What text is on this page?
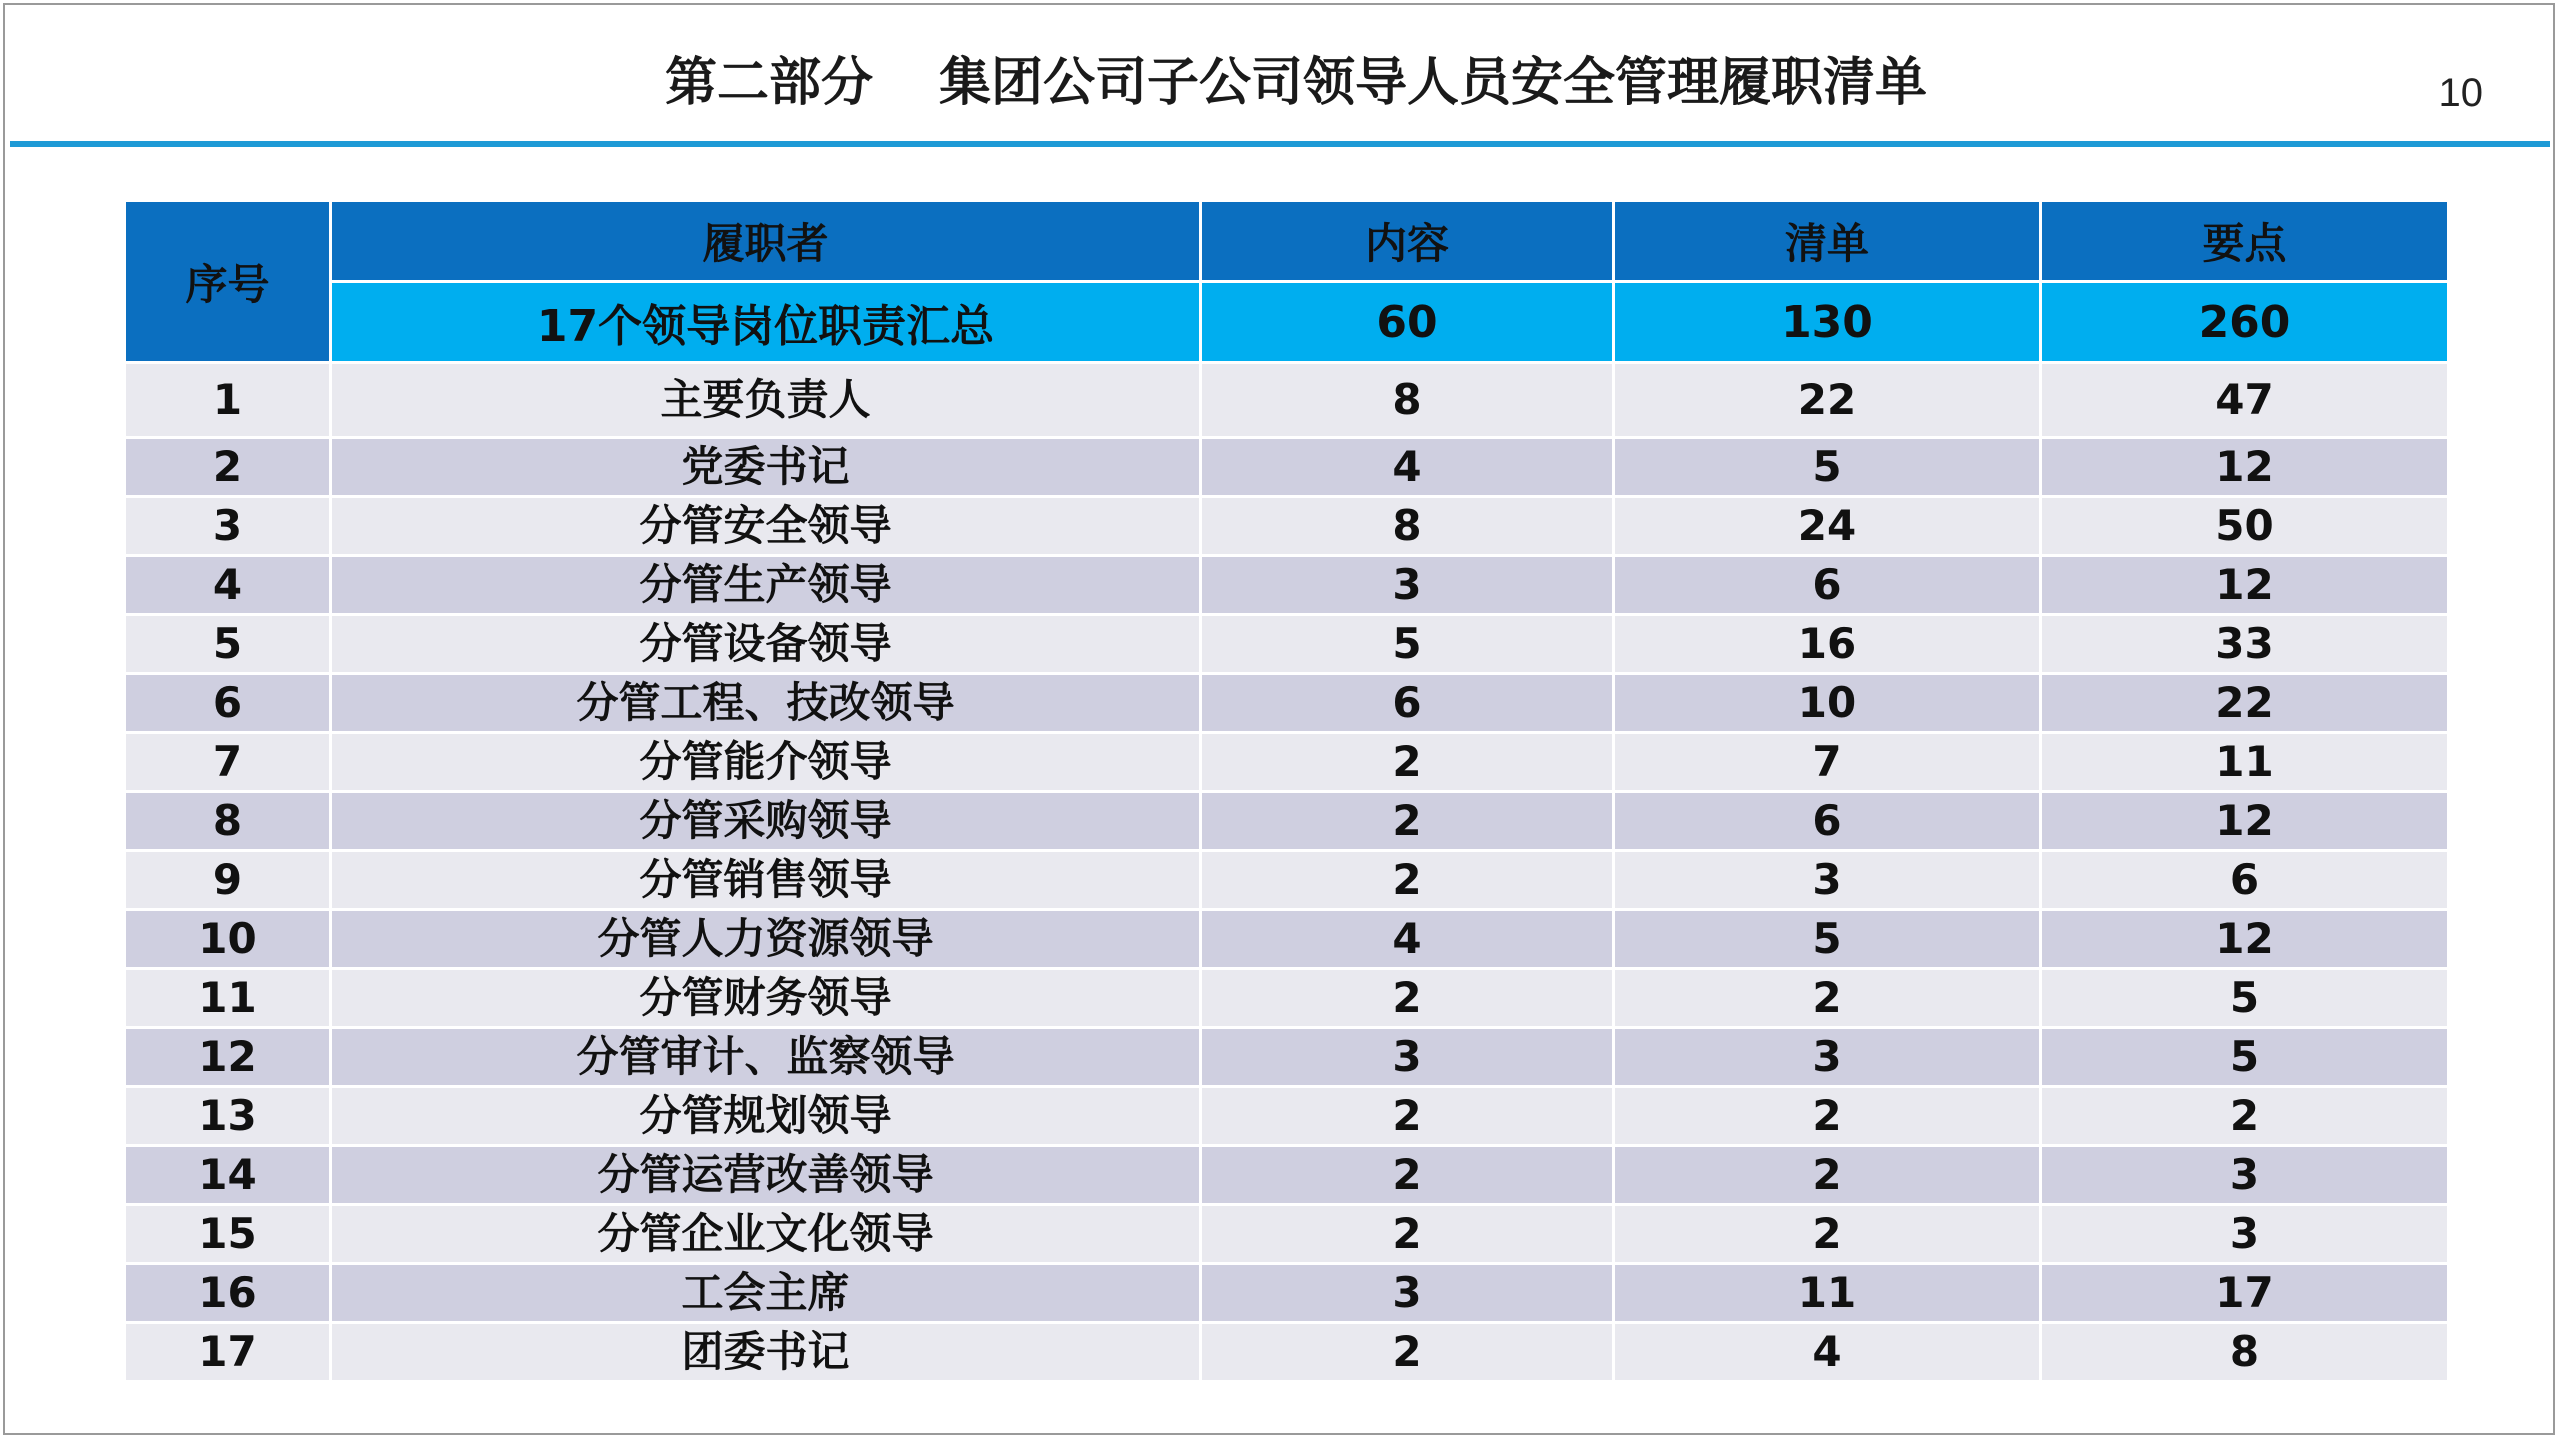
第二部分 集团公司子公司领导人员安全管理履职清单	10
序号	履职者	内容	清单	要点
	17个领导岗位职责汇总	60	130	260
1	主要负责人	8	22	47
2	党委书记	4	5	12
3	分管安全领导	8	24	50
4	分管生产领导	3	6	12
5	分管设备领导	5	16	33
6	分管工程、技改领导	6	10	22
7	分管能介领导	2	7	11
8	分管采购领导	2	6	12
9	分管销售领导	2	3	6
10	分管人力资源领导	4	5	12
11	分管财务领导	2	2	5
12	分管审计、监察领导	3	3	5
13	分管规划领导	2	2	2
14	分管运营改善领导	2	2	3
15	分管企业文化领导	2	2	3
16	工会主席	3	11	17
17	团委书记	2	4	8
